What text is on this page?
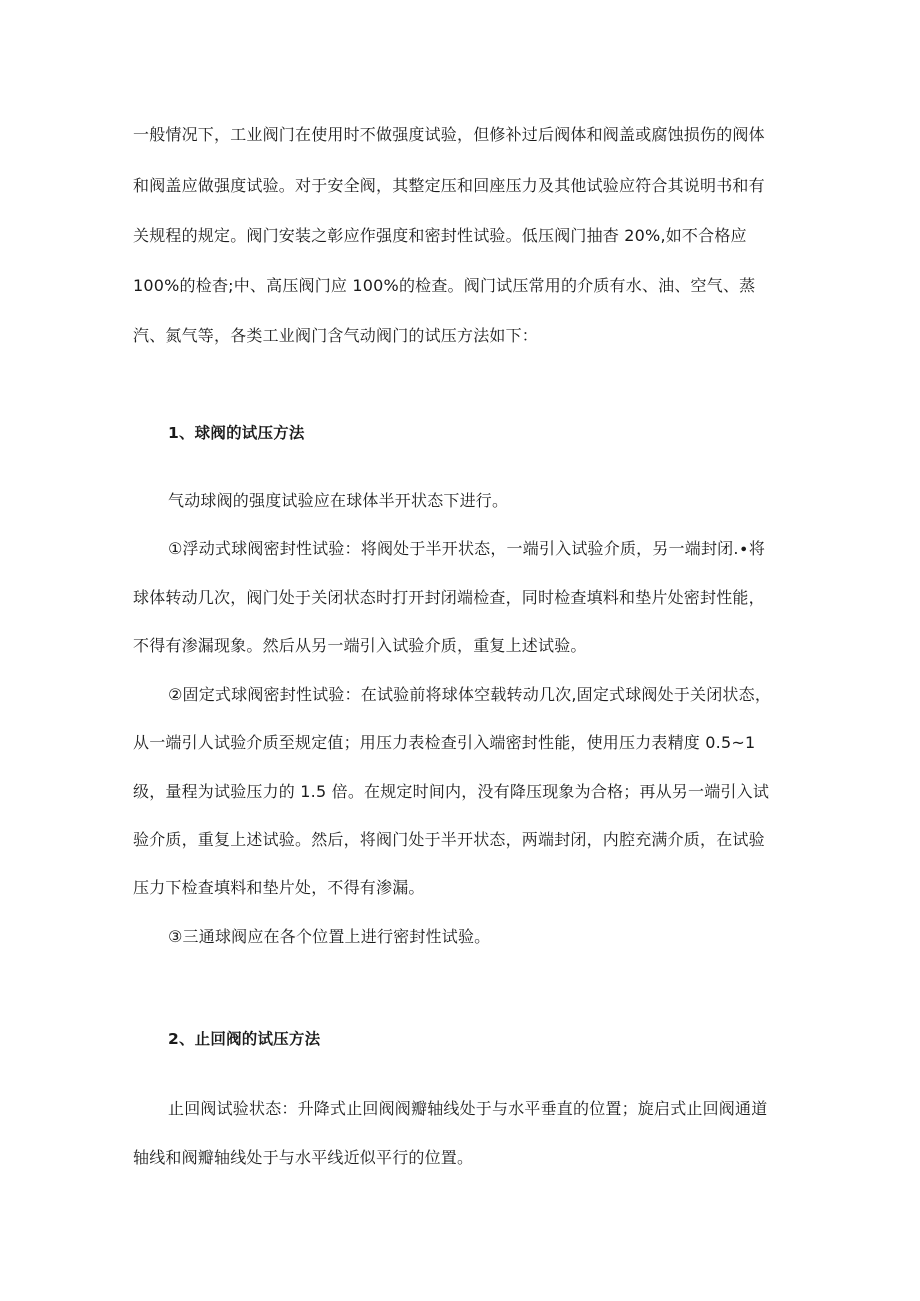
一般情况下，工业阀门在使用时不做强度试验，但修补过后阀体和阀盖或腐蚀损伤的阀体
和阀盖应做强度试验。对于安全阀，其整定压和回座压力及其他试验应符合其说明书和有
关规程的规定。阀门安装之彰应作强度和密封性试验。低压阀门抽杳 20%,如不合格应
100%的检杳;中、高压阀门应 100%的检查。阀门试压常用的介质有水、油、空气、蒸
汽、氮气等，各类工业阀门含气动阀门的试压方法如下：
1、球阀的试压方法
气动球阀的强度试验应在球体半开状态下进行。
①浮动式球阀密封性试验：将阀处于半开状态，一端引入试验介质，另一端封闭.∙将
球体转动几次，阀门处于关闭状态时打开封闭端检查，同时检查填料和垫片处密封性能，
不得有渗漏现象。然后从另一端引入试验介质，重复上述试验。
②固定式球阀密封性试验：在试验前将球体空载转动几次,固定式球阀处于关闭状态，
从一端引人试验介质至规定值；用压力表检查引入端密封性能，使用压力表精度 0.5~1
级，量程为试验压力的 1.5 倍。在规定时间内，没有降压现象为合格；再从另一端引入试
验介质，重复上述试验。然后，将阀门处于半开状态，两端封闭，内腔充满介质，在试验
压力下检查填料和垫片处，不得有渗漏。
③三通球阀应在各个位置上进行密封性试验。
2、止回阀的试压方法
止回阀试验状态：升降式止回阀阀瓣轴线处于与水平垂直的位置；旋启式止回阀通道
轴线和阀瓣轴线处于与水平线近似平行的位置。
